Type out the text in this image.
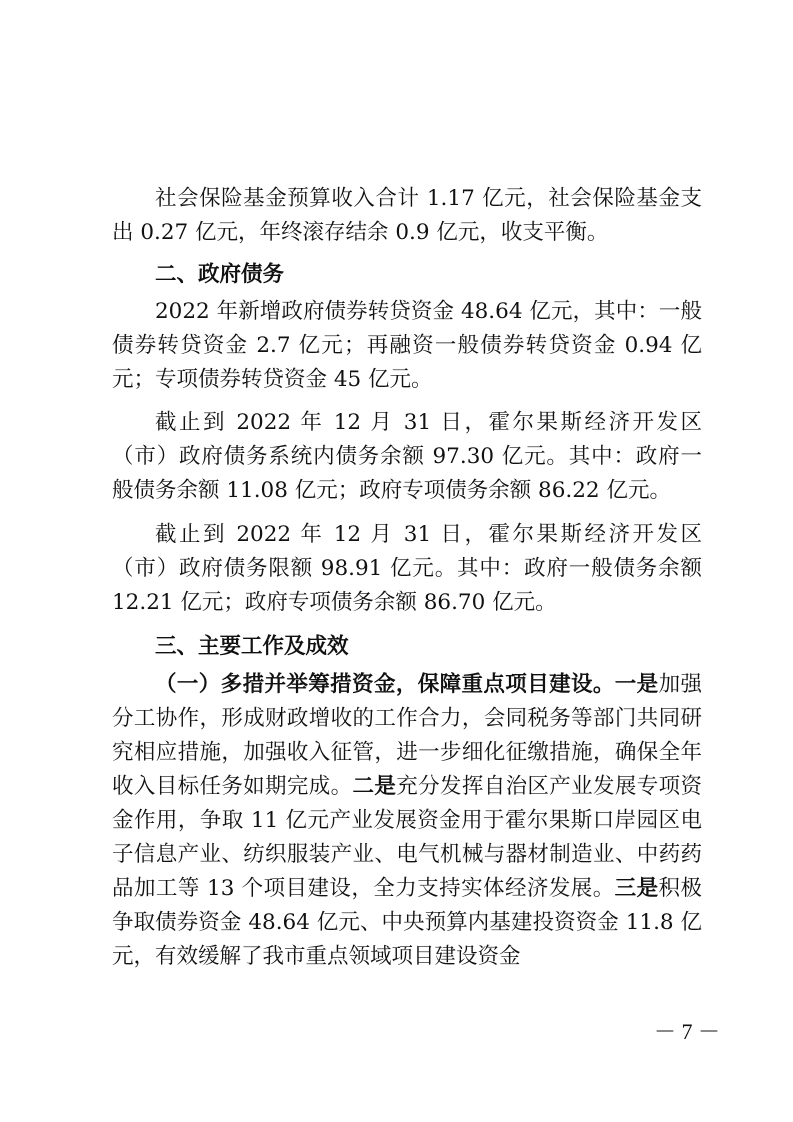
社会保险基金预算收入合计 1.17 亿元，社会保险基金支出 0.27 亿元，年终滚存结余 0.9 亿元，收支平衡。

二、政府债务

2022 年新增政府债券转贷资金 48.64 亿元，其中：一般债券转贷资金 2.7 亿元；再融资一般债券转贷资金 0.94 亿元；专项债券转贷资金 45 亿元。

截止到 2022 年 12 月 31 日，霍尔果斯经济开发区（市）政府债务系统内债务余额 97.30 亿元。其中：政府一般债务余额 11.08 亿元；政府专项债务余额 86.22 亿元。

截止到 2022 年 12 月 31 日，霍尔果斯经济开发区（市）政府债务限额 98.91 亿元。其中：政府一般债务余额 12.21 亿元；政府专项债务余额 86.70 亿元。

三、主要工作及成效

（一）多措并举筹措资金，保障重点项目建设。一是加强分工协作，形成财政增收的工作合力，会同税务等部门共同研究相应措施，加强收入征管，进一步细化征缴措施，确保全年收入目标任务如期完成。二是充分发挥自治区产业发展专项资金作用，争取 11 亿元产业发展资金用于霍尔果斯口岸园区电子信息产业、纺织服装产业、电气机械与器材制造业、中药药品加工等 13 个项目建设，全力支持实体经济发展。三是积极争取债券资金 48.64 亿元、中央预算内基建投资资金 11.8 亿元，有效缓解了我市重点领域项目建设资金

－ 7 －
